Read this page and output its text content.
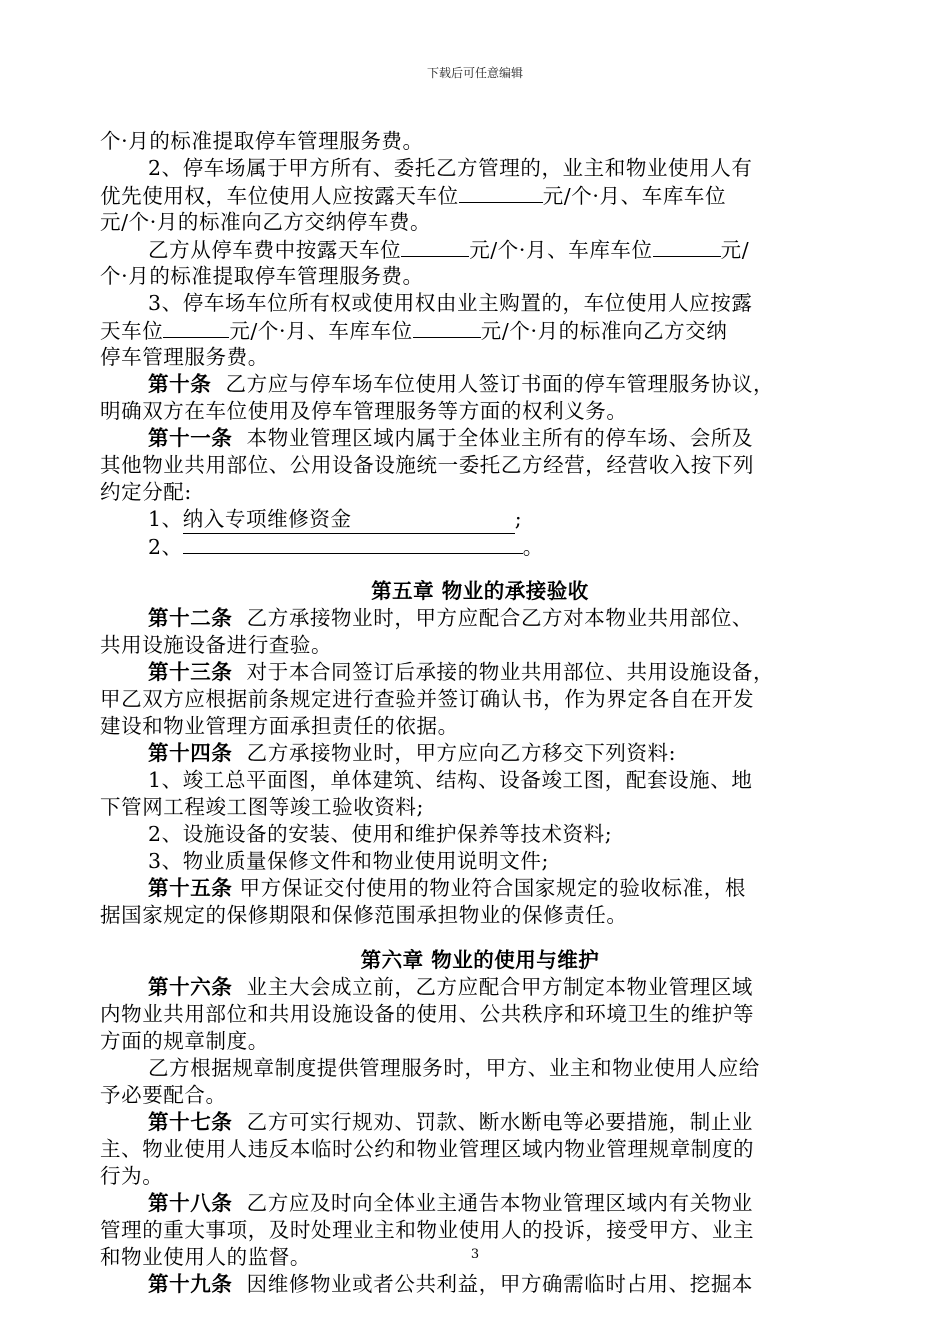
下载后可任意编辑
个·月的标准提取停车管理服务费。
2、停车场属于甲方所有、委托乙方管理的，业主和物业使用人有
优先使用权，车位使用人应按露天车位	元/个·月、车库车位
元/个·月的标准向乙方交纳停车费。
乙方从停车费中按露天车位	元/个·月、车库车位	元/
个·月的标准提取停车管理服务费。
3、停车场车位所有权或使用权由业主购置的，车位使用人应按露
天车位	元/个·月、车库车位	元/个·月的标准向乙方交纳
停车管理服务费。
第十条  乙方应与停车场车位使用人签订书面的停车管理服务协议，
明确双方在车位使用及停车管理服务等方面的权利义务。
第十一条  本物业管理区域内属于全体业主所有的停车场、会所及
其他物业共用部位、公用设备设施统一委托乙方经营，经营收入按下列
约定分配:
1、纳入专项维修资金	;
2、	。
第五章 物业的承接验收
第十二条  乙方承接物业时，甲方应配合乙方对本物业共用部位、
共用设施设备进行查验。
第十三条  对于本合同签订后承接的物业共用部位、共用设施设备，
甲乙双方应根据前条规定进行查验并签订确认书，作为界定各自在开发
建设和物业管理方面承担责任的依据。
第十四条  乙方承接物业时，甲方应向乙方移交下列资料:
1、竣工总平面图，单体建筑、结构、设备竣工图，配套设施、地
下管网工程竣工图等竣工验收资料;
2、设施设备的安装、使用和维护保养等技术资料;
3、物业质量保修文件和物业使用说明文件;
第十五条 甲方保证交付使用的物业符合国家规定的验收标准，根
据国家规定的保修期限和保修范围承担物业的保修责任。
第六章 物业的使用与维护
第十六条  业主大会成立前，乙方应配合甲方制定本物业管理区域
内物业共用部位和共用设施设备的使用、公共秩序和环境卫生的维护等
方面的规章制度。
乙方根据规章制度提供管理服务时，甲方、业主和物业使用人应给
予必要配合。
第十七条  乙方可实行规劝、罚款、断水断电等必要措施，制止业
主、物业使用人违反本临时公约和物业管理区域内物业管理规章制度的
行为。
第十八条  乙方应及时向全体业主通告本物业管理区域内有关物业
管理的重大事项，及时处理业主和物业使用人的投诉，接受甲方、业主
和物业使用人的监督。
第十九条  因维修物业或者公共利益，甲方确需临时占用、挖掘本
3
